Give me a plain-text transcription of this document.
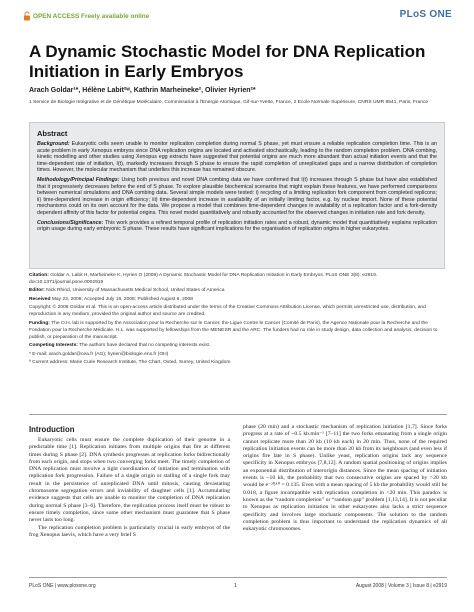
OPEN ACCESS Freely available online	PLoS ONE
A Dynamic Stochastic Model for DNA Replication Initiation in Early Embryos
Arach Goldar¹*, Hélène Labit²ʷ, Kathrin Marheineke², Olivier Hyrien²*
1 Service de Biologie Intégrative et de Génétique Moléculaire, Commissariat à l'Energie Atomique, Gif-sur-Yvette, France, 2 Ecole Normale Supérieure, CNRS UMR 8541, Paris, France
Abstract

Background: Eukaryotic cells seem unable to monitor replication completion during normal S phase, yet must ensure a reliable replication completion time. This is an acute problem in early Xenopus embryos since DNA replication origins are located and activated stochastically, leading to the random completion problem. DNA combing, kinetic modelling and other studies using Xenopus egg extracts have suggested that potential origins are much more abundant than actual initiation events and that the time-dependent rate of initiation, I(t), markedly increases through S phase to ensure the rapid completion of unreplicated gaps and a narrow distribution of completion times. However, the molecular mechanism that underlies this increase has remained obscure.

Methodology/Principal Findings: Using both previous and novel DNA combing data we have confirmed that I(t) increases through S phase but have also established that it progressively decreases before the end of S phase. To explore plausible biochemical scenarios that might explain these features, we have performed comparisons between numerical simulations and DNA combing data. Several simple models were tested: i) recycling of a limiting replication fork component from completed replicons; ii) time-dependent increase in origin efficiency; iii) time-dependent increase in availability of an initially limiting factor, e.g. by nuclear import. None of these potential mechanisms could on its own account for the data. We propose a model that combines time-dependent changes in availability of a replication factor and a fork-density dependent affinity of this factor for potential origins. This novel model quantitatively and robustly accounted for the observed changes in initiation rate and fork density.

Conclusions/Significance: This work provides a refined temporal profile of replication initiation rates and a robust, dynamic model that quantitatively explains replication origin usage during early embryonic S phase. These results have significant implications for the organisation of replication origins in higher eukaryotes.

Citation: Goldar A, Labit H, Marheineke K, Hyrien O (2008) A Dynamic Stochastic Model for DNA Replication Initiation in Early Embryos. PLoS ONE 3(8): e2919. doi:10.1371/journal.pone.0002919

Editor: Nick Rhind, University of Massachusetts Medical School, United States of America

Received May 23, 2008; Accepted July 16, 2008; Published August 6, 2008

Copyright: © 2008 Goldar et al. This is an open-access article distributed under the terms of the Creative Commons Attribution License, which permits unrestricted use, distribution, and reproduction in any medium, provided the original author and source are credited.

Funding: The O.H. lab is supported by the Association pour la Recherche sur le Cancer, the Ligue Contre le Cancer (Comité de Paris), the Agence Nationale pour la Recherche and the Fondation pour la Recherche Médicale. H.L. was supported by fellowships from the MENESR and the ARC. The funders had no role in study design, data collection and analysis, decision to publish, or preparation of the manuscript.

Competing Interests: The authors have declared that no competing interests exist.

* E-mail: arach.goldar@cea.fr (AG); hyrien@biologie.ens.fr (OH)

ª Current address: Marie Curie Research Institute, The Chart, Oxted, Surrey, United Kingdom

Introduction

Eukaryotic cells must ensure the complete duplication of their genome in a predictable time [1]. Replication initiates from multiple origins that fire at different times during S phase [2]. DNA synthesis progresses at replication forks bidirectionally from each origin, and stops when two converging forks meet. The timely completion of DNA replication must involve a tight coordination of initiation and termination with replication fork progression. Failure of a single origin or stalling of a single fork may result in the persistence of unreplicated DNA until mitosis, causing devastating chromosome segregation errors and inviability of daughter cells [1]. Accumulating evidence suggests that cells are unable to monitor the completion of DNA replication during normal S phase [3–6]. Therefore, the replication process itself must be robust to ensure timely completion, since some other mechanism must guarantee that S phase never lasts too long.

The replication completion problem is particularly crucial in early embryos of the frog Xenopus laevis, which have a very brief S

phase (20 min) and a stochastic mechanism of replication initiation [1,7]. Since forks progress at a rate of ~0.5 kb.min⁻¹ [7–11] the two forks emanating from a single origin cannot replicate more than 20 kb (10 kb each) in 20 min. Thus, none of the required replication initiation events can be more than 20 kb from its neighbours (and even less if origins fire late in S phase). Unlike yeast, replication origins lack any sequence specificity in Xenopus embryos [7,8,12]. A random spatial positioning of origins implies an exponential distribution of interorigin distances. Since the mean spacing of initiation events is ~10 kb, the probability that two consecutive origins are spaced by >20 kb would be e⁻²⁰⁄¹⁰ = 0.135. Even with a mean spacing of 5 kb the probability would still be 0.018, a figure incompatible with replication completion in <20 min. This paradox is known as the “random completion” or “random gap” problem [1,13,14]. It is not peculiar to Xenopus as replication initiation in other eukaryotes also lacks a strict sequence specificity and involves large stochastic components. The solution to the random completion problem is thus important to understand the replication dynamics of all eukaryotic chromosomes.

PLoS ONE | www.plosone.org	1	August 2008 | Volume 3 | Issue 8 | e2919
